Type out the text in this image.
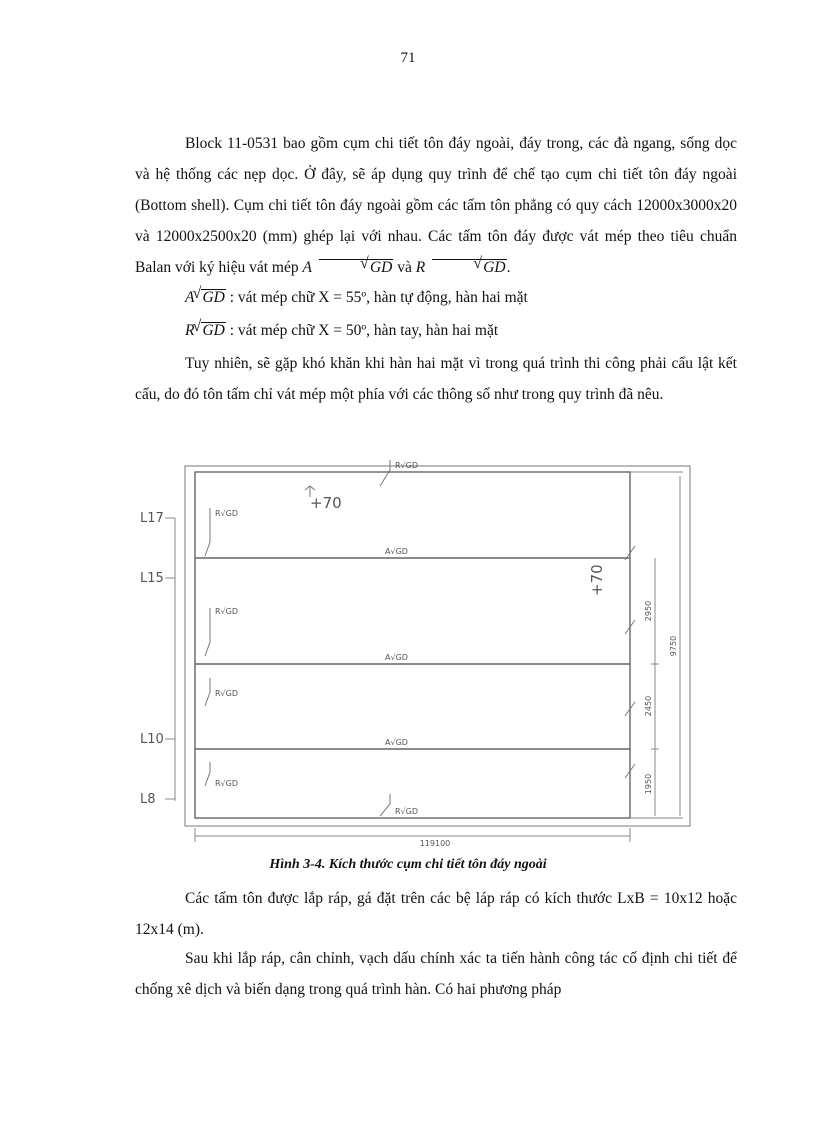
71
Block 11-0531 bao gồm cụm chi tiết tôn đáy ngoài, đáy trong, các đà ngang, sống dọc và hệ thống các nẹp dọc. Ở đây, sẽ áp dụng quy trình để chế tạo cụm chi tiết tôn đáy ngoài (Bottom shell). Cụm chi tiết tôn đáy ngoài gồm các tấm tôn phẳng có quy cách 12000x3000x20 và 12000x2500x20 (mm) ghép lại với nhau. Các tấm tôn đáy được vát mép theo tiêu chuẩn Balan với ký hiệu vát mép A	√ GD và R	√ GD.
A √ GD : vát mép chữ X = 55º, hàn tự động, hàn hai mặt
R √ GD : vát mép chữ X = 50º, hàn tay, hàn hai mặt
Tuy nhiên, sẽ gặp khó khăn khi hàn hai mặt vì trong quá trình thi công phải cẩu lật kết cấu, do đó tôn tấm chỉ vát mép một phía với các thông số như trong quy trình đã nêu.
R√GD
R√GD
A√GD
R√GD
A√GD
R√GD
A√GD
R√GD
R√GD
L17
L15
L10
L8
+70
+70
119100
9750
2950
2450
1950
Hình 3-4. Kích thước cụm chi tiết tôn đáy ngoài
Các tấm tôn được lắp ráp, gá đặt trên các bệ láp ráp có kích thước LxB = 10x12 hoặc 12x14 (m).
Sau khi lắp ráp, cân chỉnh, vạch dấu chính xác ta tiến hành công tác cố định chi tiết để chống xê dịch và biến dạng trong quá trình hàn. Có hai phương pháp
